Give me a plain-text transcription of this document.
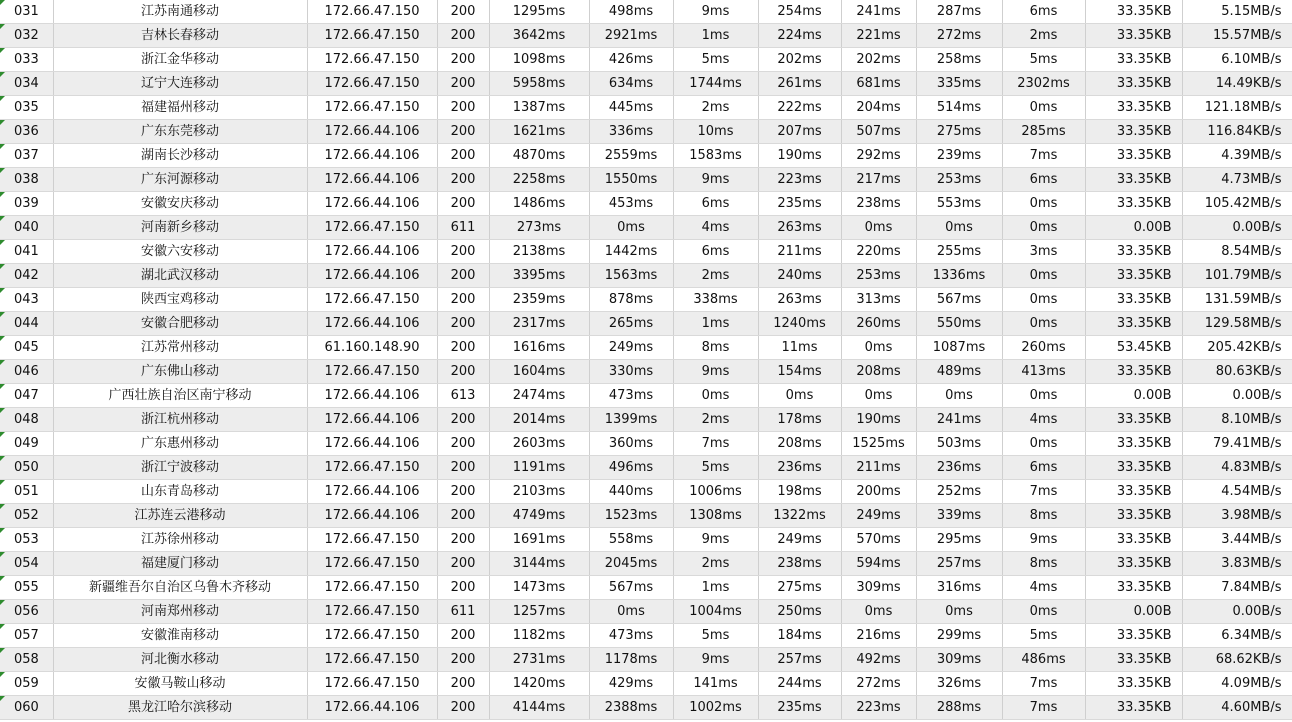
031	江苏南通移动	172.66.47.150	200	1295ms	498ms	9ms	254ms	241ms	287ms	6ms	33.35KB	5.15MB/s
032	吉林长春移动	172.66.47.150	200	3642ms	2921ms	1ms	224ms	221ms	272ms	2ms	33.35KB	15.57MB/s
033	浙江金华移动	172.66.47.150	200	1098ms	426ms	5ms	202ms	202ms	258ms	5ms	33.35KB	6.10MB/s
034	辽宁大连移动	172.66.47.150	200	5958ms	634ms	1744ms	261ms	681ms	335ms	2302ms	33.35KB	14.49KB/s
035	福建福州移动	172.66.47.150	200	1387ms	445ms	2ms	222ms	204ms	514ms	0ms	33.35KB	121.18MB/s
036	广东东莞移动	172.66.44.106	200	1621ms	336ms	10ms	207ms	507ms	275ms	285ms	33.35KB	116.84KB/s
037	湖南长沙移动	172.66.44.106	200	4870ms	2559ms	1583ms	190ms	292ms	239ms	7ms	33.35KB	4.39MB/s
038	广东河源移动	172.66.44.106	200	2258ms	1550ms	9ms	223ms	217ms	253ms	6ms	33.35KB	4.73MB/s
039	安徽安庆移动	172.66.44.106	200	1486ms	453ms	6ms	235ms	238ms	553ms	0ms	33.35KB	105.42MB/s
040	河南新乡移动	172.66.47.150	611	273ms	0ms	4ms	263ms	0ms	0ms	0ms	0.00B	0.00B/s
041	安徽六安移动	172.66.44.106	200	2138ms	1442ms	6ms	211ms	220ms	255ms	3ms	33.35KB	8.54MB/s
042	湖北武汉移动	172.66.44.106	200	3395ms	1563ms	2ms	240ms	253ms	1336ms	0ms	33.35KB	101.79MB/s
043	陕西宝鸡移动	172.66.47.150	200	2359ms	878ms	338ms	263ms	313ms	567ms	0ms	33.35KB	131.59MB/s
044	安徽合肥移动	172.66.44.106	200	2317ms	265ms	1ms	1240ms	260ms	550ms	0ms	33.35KB	129.58MB/s
045	江苏常州移动	61.160.148.90	200	1616ms	249ms	8ms	11ms	0ms	1087ms	260ms	53.45KB	205.42KB/s
046	广东佛山移动	172.66.47.150	200	1604ms	330ms	9ms	154ms	208ms	489ms	413ms	33.35KB	80.63KB/s
047	广西壮族自治区南宁移动	172.66.44.106	613	2474ms	473ms	0ms	0ms	0ms	0ms	0ms	0.00B	0.00B/s
048	浙江杭州移动	172.66.44.106	200	2014ms	1399ms	2ms	178ms	190ms	241ms	4ms	33.35KB	8.10MB/s
049	广东惠州移动	172.66.44.106	200	2603ms	360ms	7ms	208ms	1525ms	503ms	0ms	33.35KB	79.41MB/s
050	浙江宁波移动	172.66.47.150	200	1191ms	496ms	5ms	236ms	211ms	236ms	6ms	33.35KB	4.83MB/s
051	山东青岛移动	172.66.44.106	200	2103ms	440ms	1006ms	198ms	200ms	252ms	7ms	33.35KB	4.54MB/s
052	江苏连云港移动	172.66.44.106	200	4749ms	1523ms	1308ms	1322ms	249ms	339ms	8ms	33.35KB	3.98MB/s
053	江苏徐州移动	172.66.47.150	200	1691ms	558ms	9ms	249ms	570ms	295ms	9ms	33.35KB	3.44MB/s
054	福建厦门移动	172.66.47.150	200	3144ms	2045ms	2ms	238ms	594ms	257ms	8ms	33.35KB	3.83MB/s
055	新疆维吾尔自治区乌鲁木齐移动	172.66.47.150	200	1473ms	567ms	1ms	275ms	309ms	316ms	4ms	33.35KB	7.84MB/s
056	河南郑州移动	172.66.47.150	611	1257ms	0ms	1004ms	250ms	0ms	0ms	0ms	0.00B	0.00B/s
057	安徽淮南移动	172.66.47.150	200	1182ms	473ms	5ms	184ms	216ms	299ms	5ms	33.35KB	6.34MB/s
058	河北衡水移动	172.66.47.150	200	2731ms	1178ms	9ms	257ms	492ms	309ms	486ms	33.35KB	68.62KB/s
059	安徽马鞍山移动	172.66.47.150	200	1420ms	429ms	141ms	244ms	272ms	326ms	7ms	33.35KB	4.09MB/s
060	黑龙江哈尔滨移动	172.66.44.106	200	4144ms	2388ms	1002ms	235ms	223ms	288ms	7ms	33.35KB	4.60MB/s
